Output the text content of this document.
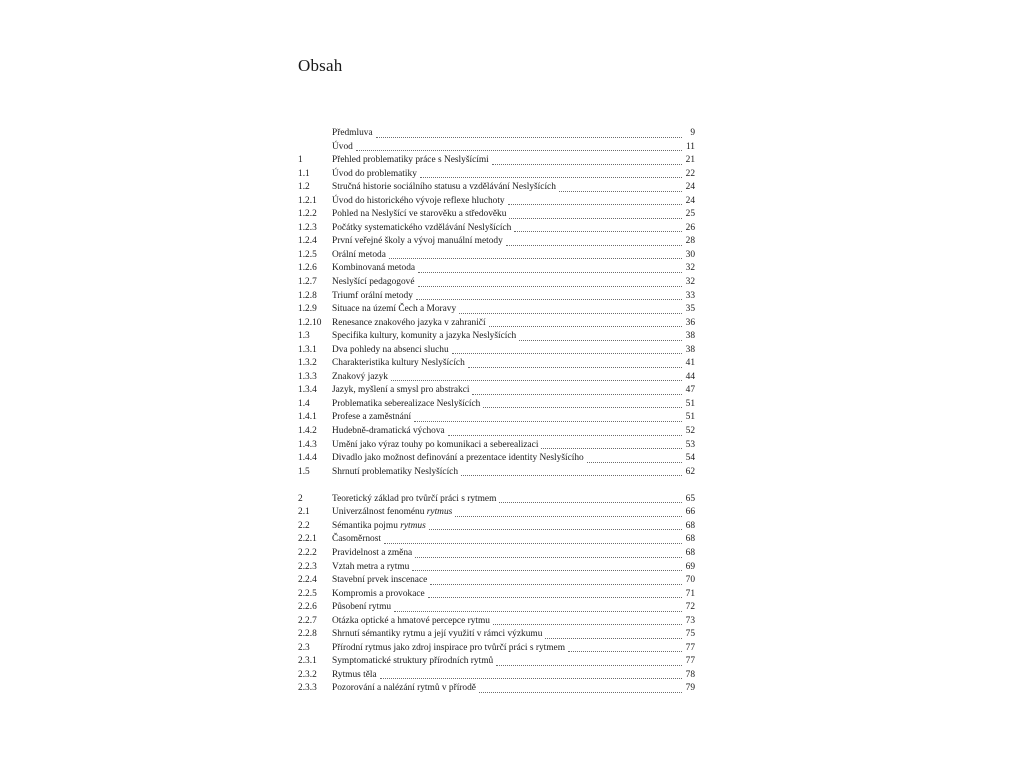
Obsah
Předmluva	9
Úvod	11
1	Přehled problematiky práce s Neslyšícími	21
1.1	Úvod do problematiky	22
1.2	Stručná historie sociálního statusu a vzdělávání Neslyšících	24
1.2.1	Úvod do historického vývoje reflexe hluchoty	24
1.2.2	Pohled na Neslyšící ve starověku a středověku	25
1.2.3	Počátky systematického vzdělávání Neslyšících	26
1.2.4	První veřejné školy a vývoj manuální metody	28
1.2.5	Orální metoda	30
1.2.6	Kombinovaná metoda	32
1.2.7	Neslyšící pedagogové	32
1.2.8	Triumf orální metody	33
1.2.9	Situace na území Čech a Moravy	35
1.2.10	Renesance znakového jazyka v zahraničí	36
1.3	Specifika kultury, komunity a jazyka Neslyšících	38
1.3.1	Dva pohledy na absenci sluchu	38
1.3.2	Charakteristika kultury Neslyšících	41
1.3.3	Znakový jazyk	44
1.3.4	Jazyk, myšlení a smysl pro abstrakci	47
1.4	Problematika seberealizace Neslyšících	51
1.4.1	Profese a zaměstnání	51
1.4.2	Hudebně-dramatická výchova	52
1.4.3	Umění jako výraz touhy po komunikaci a seberealizaci	53
1.4.4	Divadlo jako možnost definování a prezentace identity Neslyšícího	54
1.5	Shrnutí problematiky Neslyšících	62
2	Teoretický základ pro tvůrčí práci s rytmem	65
2.1	Univerzálnost fenoménu rytmus	66
2.2	Sémantika pojmu rytmus	68
2.2.1	Časoměrnost	68
2.2.2	Pravidelnost a změna	68
2.2.3	Vztah metra a rytmu	69
2.2.4	Stavební prvek inscenace	70
2.2.5	Kompromis a provokace	71
2.2.6	Působení rytmu	72
2.2.7	Otázka optické a hmatové percepce rytmu	73
2.2.8	Shrnutí sémantiky rytmu a její využití v rámci výzkumu	75
2.3	Přírodní rytmus jako zdroj inspirace pro tvůrčí práci s rytmem	77
2.3.1	Symptomatické struktury přírodních rytmů	77
2.3.2	Rytmus těla	78
2.3.3	Pozorování a nalézání rytmů v přírodě	79
